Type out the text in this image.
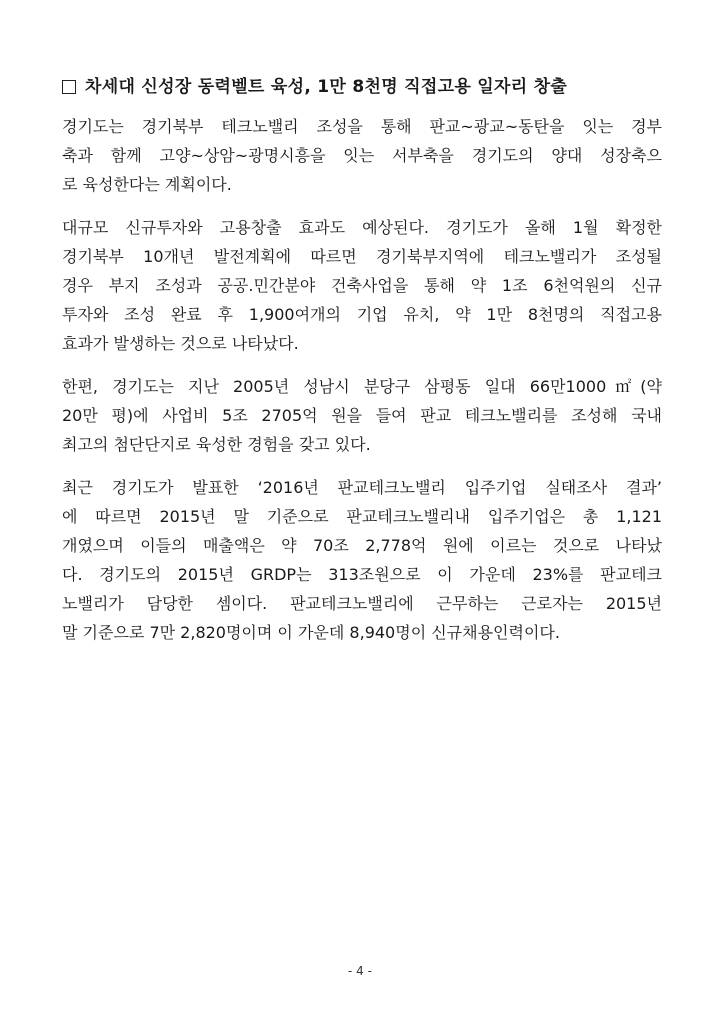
차세대 신성장 동력벨트 육성, 1만 8천명 직접고용 일자리 창출
경기도는 경기북부 테크노밸리 조성을 통해 판교~광교~동탄을 잇는 경부
축과 함께 고양~상암~광명시흥을 잇는 서부축을 경기도의 양대 성장축으
로 육성한다는 계획이다.
대규모 신규투자와 고용창출 효과도 예상된다. 경기도가 올해 1월 확정한
경기북부 10개년 발전계획에 따르면 경기북부지역에 테크노밸리가 조성될
경우 부지 조성과 공공.민간분야 건축사업을 통해 약 1조 6천억원의 신규
투자와 조성 완료 후 1,900여개의 기업 유치, 약 1만 8천명의 직접고용
효과가 발생하는 것으로 나타났다.
한편, 경기도는 지난 2005년 성남시 분당구 삼평동 일대 66만1000㎡(약
20만 평)에 사업비 5조 2705억 원을 들여 판교 테크노밸리를 조성해 국내
최고의 첨단단지로 육성한 경험을 갖고 있다.
최근 경기도가 발표한 ‘2016년 판교테크노밸리 입주기업 실태조사 결과’
에 따르면 2015년 말 기준으로 판교테크노밸리내 입주기업은 총 1,121
개였으며 이들의 매출액은 약 70조 2,778억 원에 이르는 것으로 나타났
다. 경기도의 2015년 GRDP는 313조원으로 이 가운데 23%를 판교테크
노밸리가 담당한 셈이다. 판교테크노밸리에 근무하는 근로자는 2015년
말 기준으로 7만 2,820명이며 이 가운데 8,940명이 신규채용인력이다.
- 4 -
